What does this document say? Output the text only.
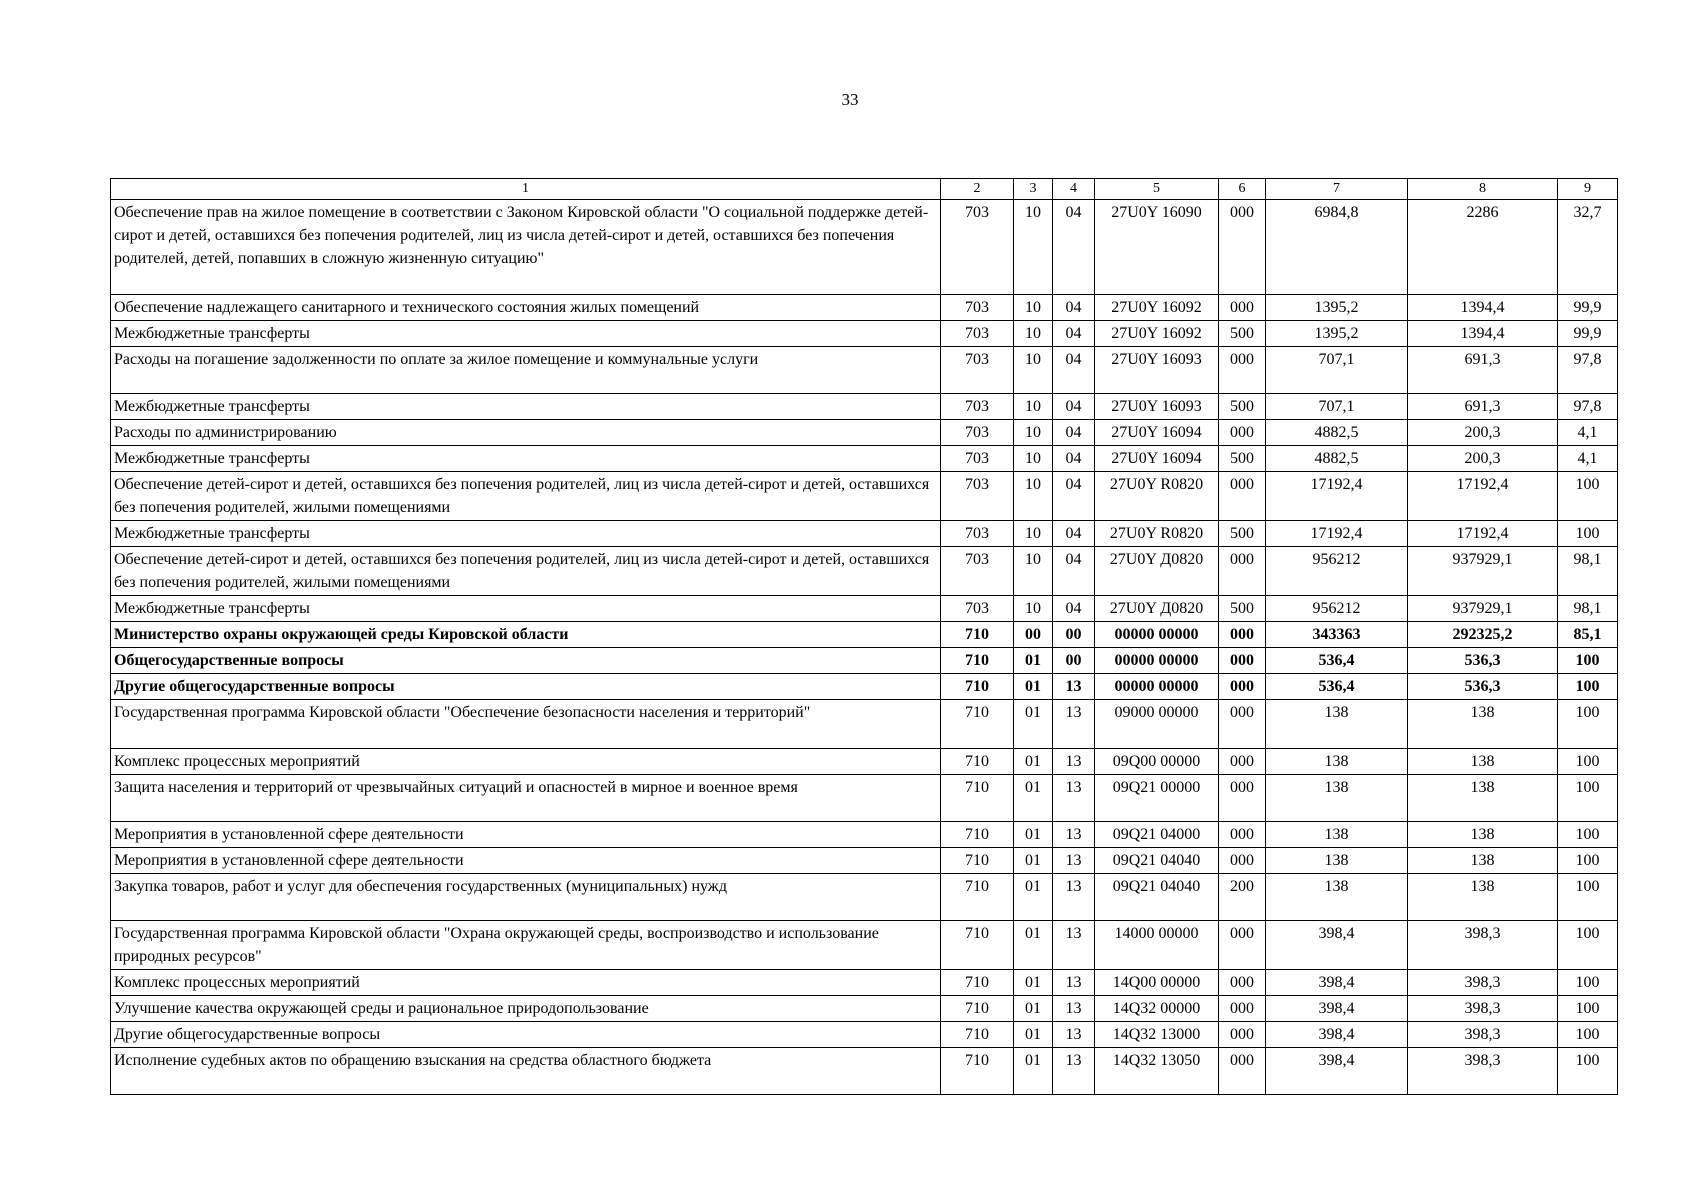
33
1	2	3	4	5	6	7	8	9
Обеспечение прав на жилое помещение в соответствии с Законом Кировской области "О социальной поддержке детей-сирот и детей, оставшихся без попечения родителей, лиц из числа детей-сирот и детей, оставшихся без попечения родителей, детей, попавших в сложную жизненную ситуацию"	703	10	04	27U0Y 16090	000	6984,8	2286	32,7
Обеспечение надлежащего санитарного и технического состояния жилых помещений	703	10	04	27U0Y 16092	000	1395,2	1394,4	99,9
Межбюджетные трансферты	703	10	04	27U0Y 16092	500	1395,2	1394,4	99,9
Расходы на погашение задолженности по оплате за жилое помещение и коммунальные услуги	703	10	04	27U0Y 16093	000	707,1	691,3	97,8
Межбюджетные трансферты	703	10	04	27U0Y 16093	500	707,1	691,3	97,8
Расходы по администрированию	703	10	04	27U0Y 16094	000	4882,5	200,3	4,1
Межбюджетные трансферты	703	10	04	27U0Y 16094	500	4882,5	200,3	4,1
Обеспечение детей-сирот и детей, оставшихся без попечения родителей, лиц из числа детей-сирот и детей, оставшихся без попечения родителей, жилыми помещениями	703	10	04	27U0Y R0820	000	17192,4	17192,4	100
Межбюджетные трансферты	703	10	04	27U0Y R0820	500	17192,4	17192,4	100
Обеспечение детей-сирот и детей, оставшихся без попечения родителей, лиц из числа детей-сирот и детей, оставшихся без попечения родителей, жилыми помещениями	703	10	04	27U0Y Д0820	000	956212	937929,1	98,1
Межбюджетные трансферты	703	10	04	27U0Y Д0820	500	956212	937929,1	98,1
Министерство охраны окружающей среды Кировской области	710	00	00	00000 00000	000	343363	292325,2	85,1
Общегосударственные вопросы	710	01	00	00000 00000	000	536,4	536,3	100
Другие общегосударственные вопросы	710	01	13	00000 00000	000	536,4	536,3	100
Государственная программа Кировской области "Обеспечение безопасности населения и территорий"	710	01	13	09000 00000	000	138	138	100
Комплекс процессных мероприятий	710	01	13	09Q00 00000	000	138	138	100
Защита населения и территорий от чрезвычайных ситуаций и опасностей в мирное и военное время	710	01	13	09Q21 00000	000	138	138	100
Мероприятия в установленной сфере деятельности	710	01	13	09Q21 04000	000	138	138	100
Мероприятия в установленной сфере деятельности	710	01	13	09Q21 04040	000	138	138	100
Закупка товаров, работ и услуг для обеспечения государственных (муниципальных) нужд	710	01	13	09Q21 04040	200	138	138	100
Государственная программа Кировской области "Охрана окружающей среды, воспроизводство и использование природных ресурсов"	710	01	13	14000 00000	000	398,4	398,3	100
Комплекс процессных мероприятий	710	01	13	14Q00 00000	000	398,4	398,3	100
Улучшение качества окружающей среды и рациональное природопользование	710	01	13	14Q32 00000	000	398,4	398,3	100
Другие общегосударственные вопросы	710	01	13	14Q32 13000	000	398,4	398,3	100
Исполнение судебных актов по обращению взыскания на средства областного бюджета	710	01	13	14Q32 13050	000	398,4	398,3	100
